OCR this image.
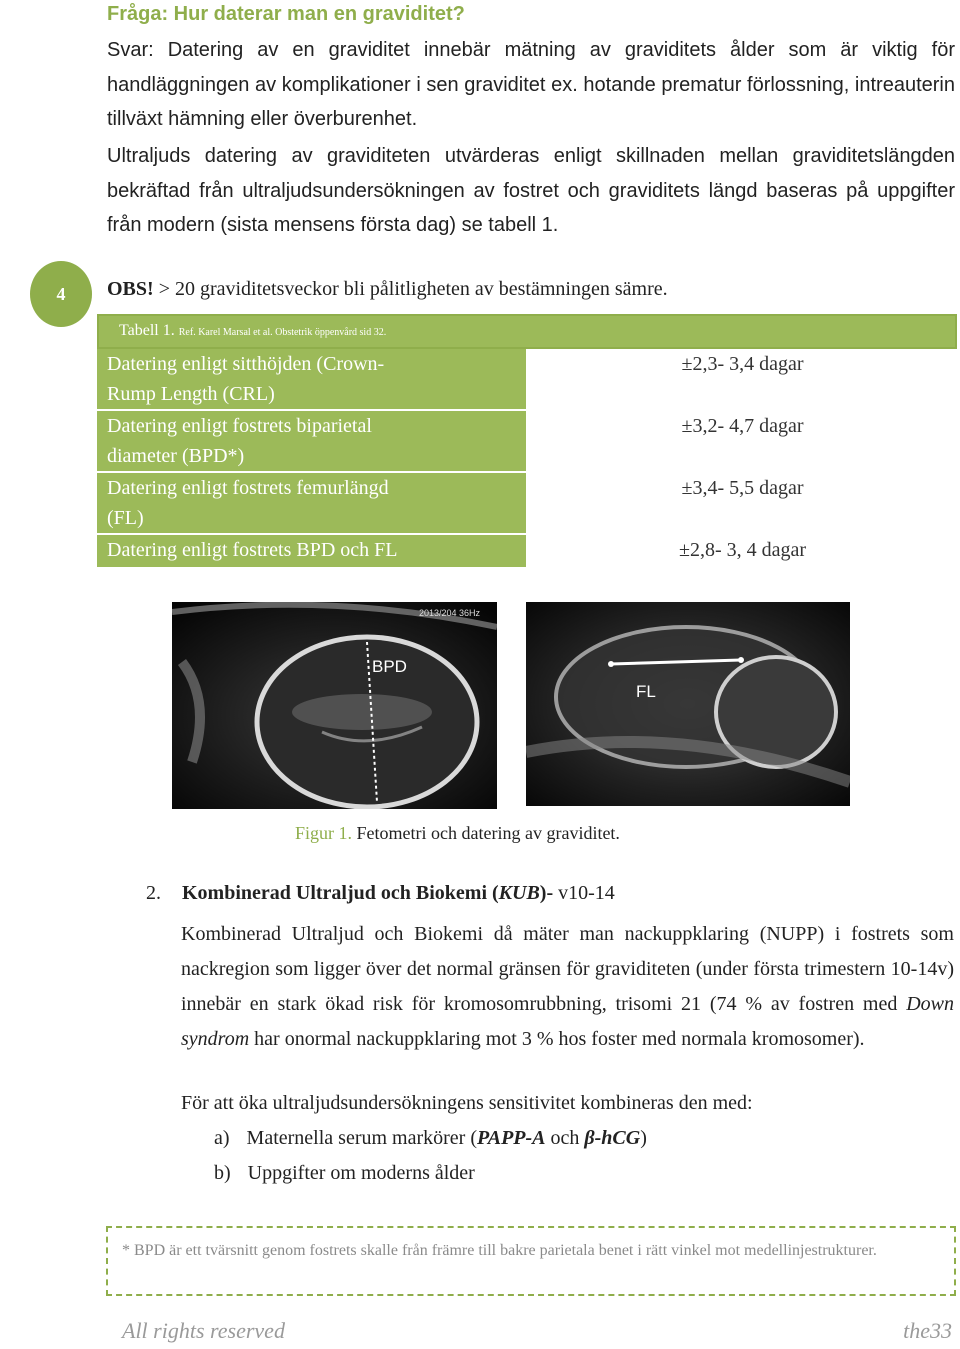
4
Fråga: Hur daterar man en graviditet?
Svar: Datering av en graviditet innebär mätning av graviditets ålder som är viktig för handläggningen av komplikationer i sen graviditet ex. hotande prematur förlossning, intreauterin tillväxt hämning eller överburenhet.
Ultraljuds datering av graviditeten utvärderas enligt skillnaden mellan graviditetslängden bekräftad från ultraljudsundersökningen av fostret och graviditets längd baseras på uppgifter från modern (sista mensens första dag) se tabell 1.
OBS! > 20 graviditetsveckor bli pålitligheten av bestämningen sämre.
Tabell 1. Ref. Karel Marsal et al. Obstetrik öppenvård sid 32.
Datering enligt sitthöjden (Crown-
Rump Length (CRL)
±2,3- 3,4 dagar
Datering enligt fostrets biparietal
diameter (BPD*)
±3,2- 4,7 dagar
Datering enligt fostrets femurlängd
(FL)
±3,4- 5,5 dagar
Datering enligt fostrets BPD och FL	±2,8- 3, 4 dagar
2013/204 36Hz
BPD
FL
Figur 1. Fetometri och datering av graviditet.
2. Kombinerad Ultraljud och Biokemi (KUB)- v10-14
Kombinerad Ultraljud och Biokemi då mäter man nackuppklaring (NUPP) i fostrets som nackregion som ligger över det normal gränsen för graviditeten (under första trimestern 10-14v) innebär en stark ökad risk för kromosomrubbning, trisomi 21 (74 % av fostren med Down syndrom har onormal nackuppklaring mot 3 % hos foster med normala kromosomer).
För att öka ultraljudsundersökningens sensitivitet kombineras den med:
a) Maternella serum markörer (PAPP-A och β-hCG)
b) Uppgifter om moderns ålder
* BPD är ett tvärsnitt genom fostrets skalle från främre till bakre parietala benet i rätt vinkel mot medellinjestrukturer.
All rights reserved	the33
